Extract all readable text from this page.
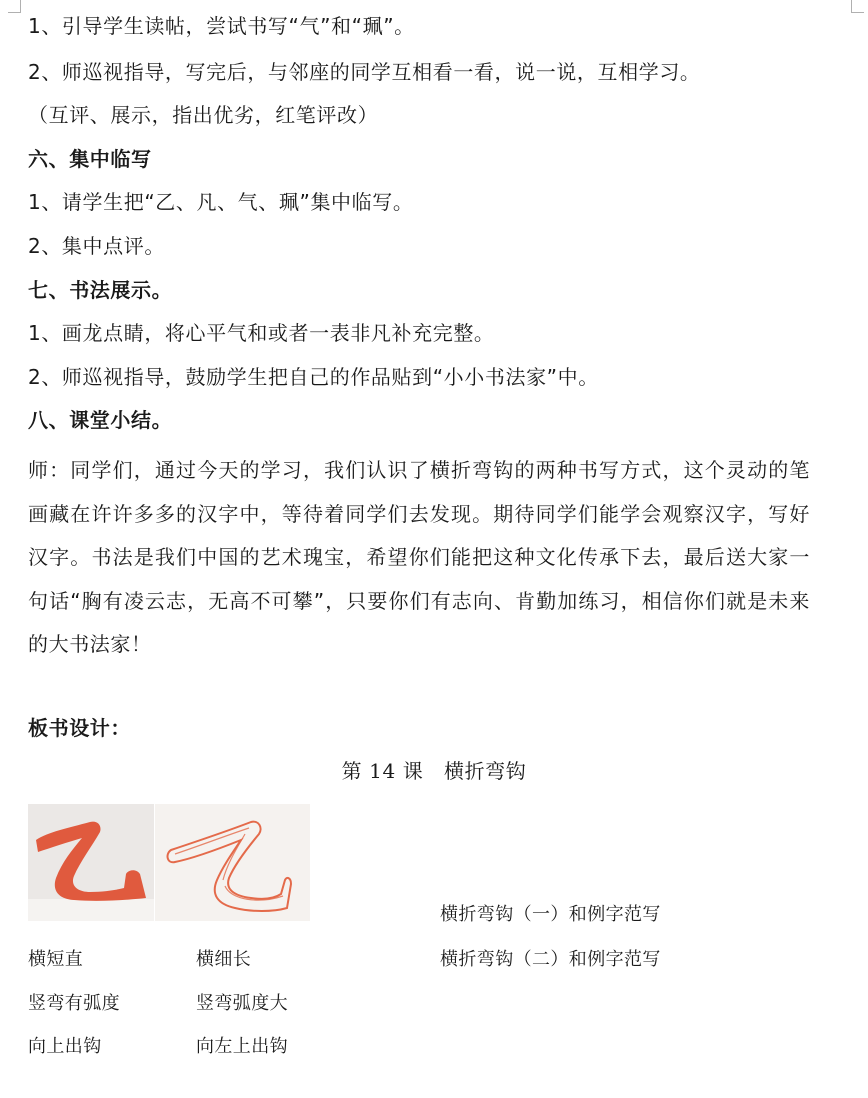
1、引导学生读帖，尝试书写“气”和“珮”。
2、师巡视指导，写完后，与邻座的同学互相看一看，说一说，互相学习。
（互评、展示，指出优劣，红笔评改）
六、集中临写
1、请学生把“乙、凡、气、珮”集中临写。
2、集中点评。
七、书法展示。
1、画龙点睛，将心平气和或者一表非凡补充完整。
2、师巡视指导，鼓励学生把自己的作品贴到“小小书法家”中。
八、课堂小结。
师：同学们，通过今天的学习，我们认识了横折弯钩的两种书写方式，这个灵动的笔画藏在许许多多的汉字中，等待着同学们去发现。期待同学们能学会观察汉字，写好汉字。书法是我们中国的艺术瑰宝，希望你们能把这种文化传承下去，最后送大家一句话“胸有凌云志，无高不可攀”，只要你们有志向、肯勤加练习，相信你们就是未来的大书法家！
板书设计：
第 14 课　横折弯钩
横折弯钩（一）和例字范写
横折弯钩（二）和例字范写
横短直
竖弯有弧度
向上出钩
横细长
竖弯弧度大
向左上出钩
